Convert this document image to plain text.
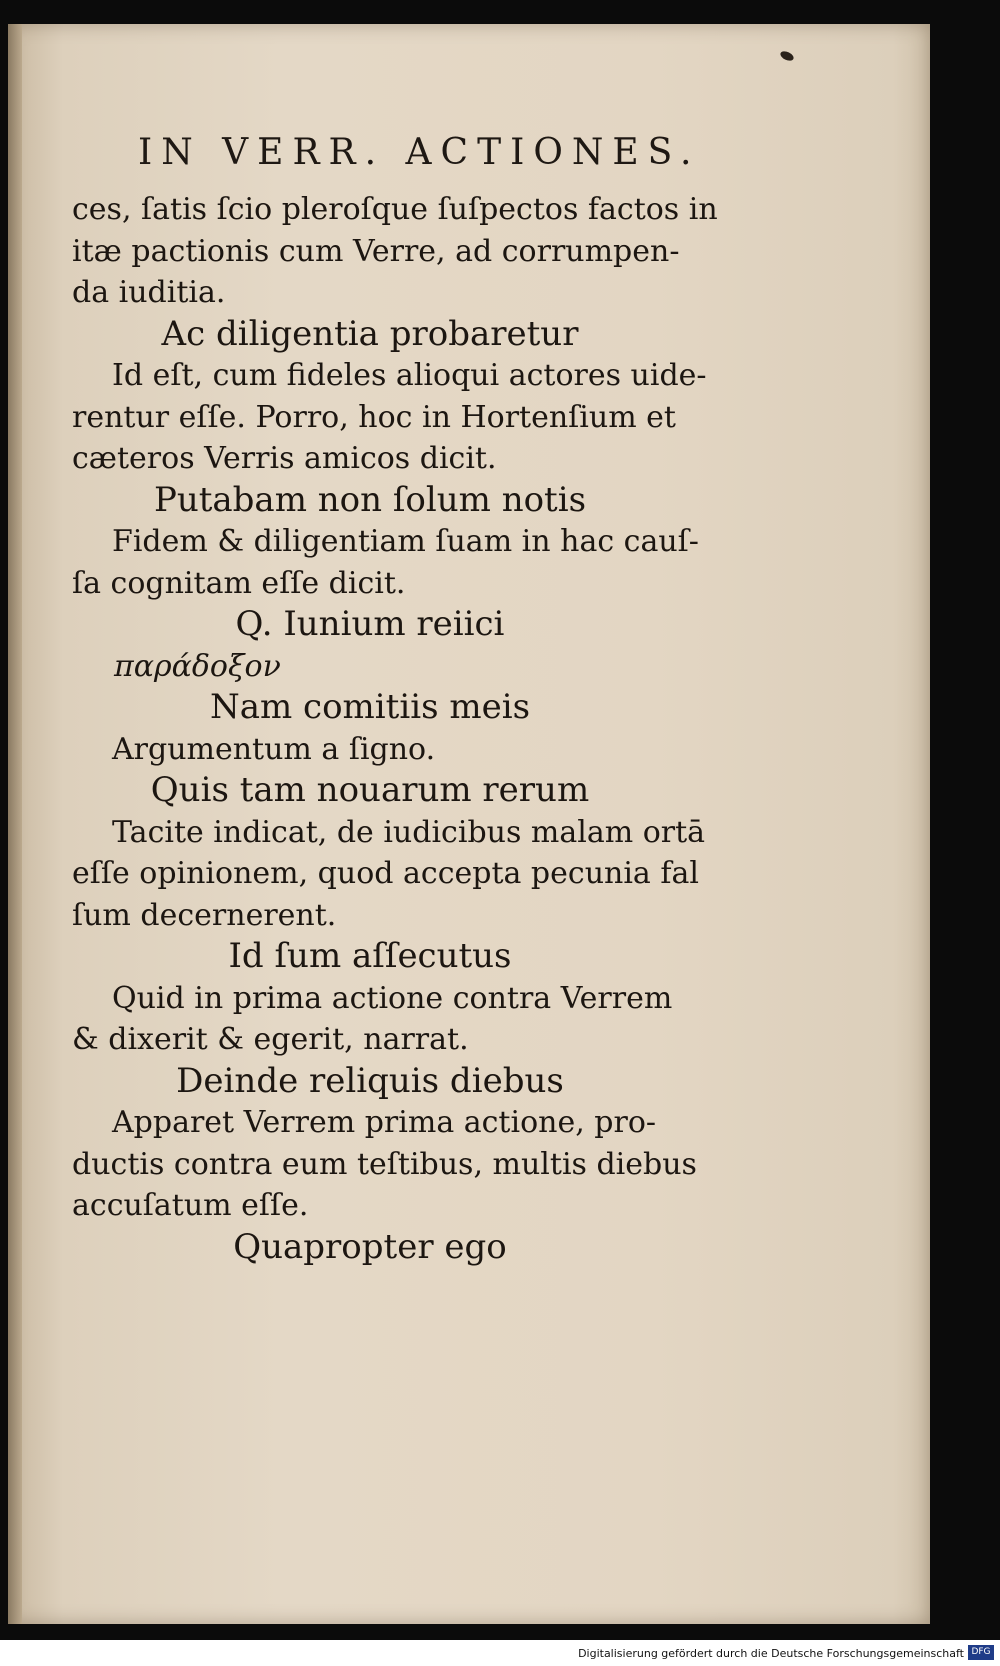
IN VERR. ACTIONES.
ces, ſatis ſcio pleroſque ſuſpectos factos in
itæ pactionis cum Verre, ad corrumpen-
da iuditia.
Ac diligentia probaretur
Id eſt, cum fideles alioqui actores uide-
rentur eſſe. Porro, hoc in Hortenſium et
cæteros Verris amicos dicit.
Putabam non ſolum notis
Fidem & diligentiam ſuam in hac cauſ-
ſa cognitam eſſe dicit.
Q. Iunium reiici
παράδοξον
Nam comitiis meis
Argumentum a ſigno.
Quis tam nouarum rerum
Tacite indicat, de iudicibus malam ortā
eſſe opinionem, quod accepta pecunia fal
ſum decernerent.
Id ſum aſſecutus
Quid in prima actione contra Verrem
& dixerit & egerit, narrat.
Deinde reliquis diebus
Apparet Verrem prima actione, pro-
ductis contra eum teſtibus, multis diebus
accuſatum eſſe.
Quapropter ego
Digitalisierung gefördert durch die Deutsche Forschungsgemeinschaft DFG
